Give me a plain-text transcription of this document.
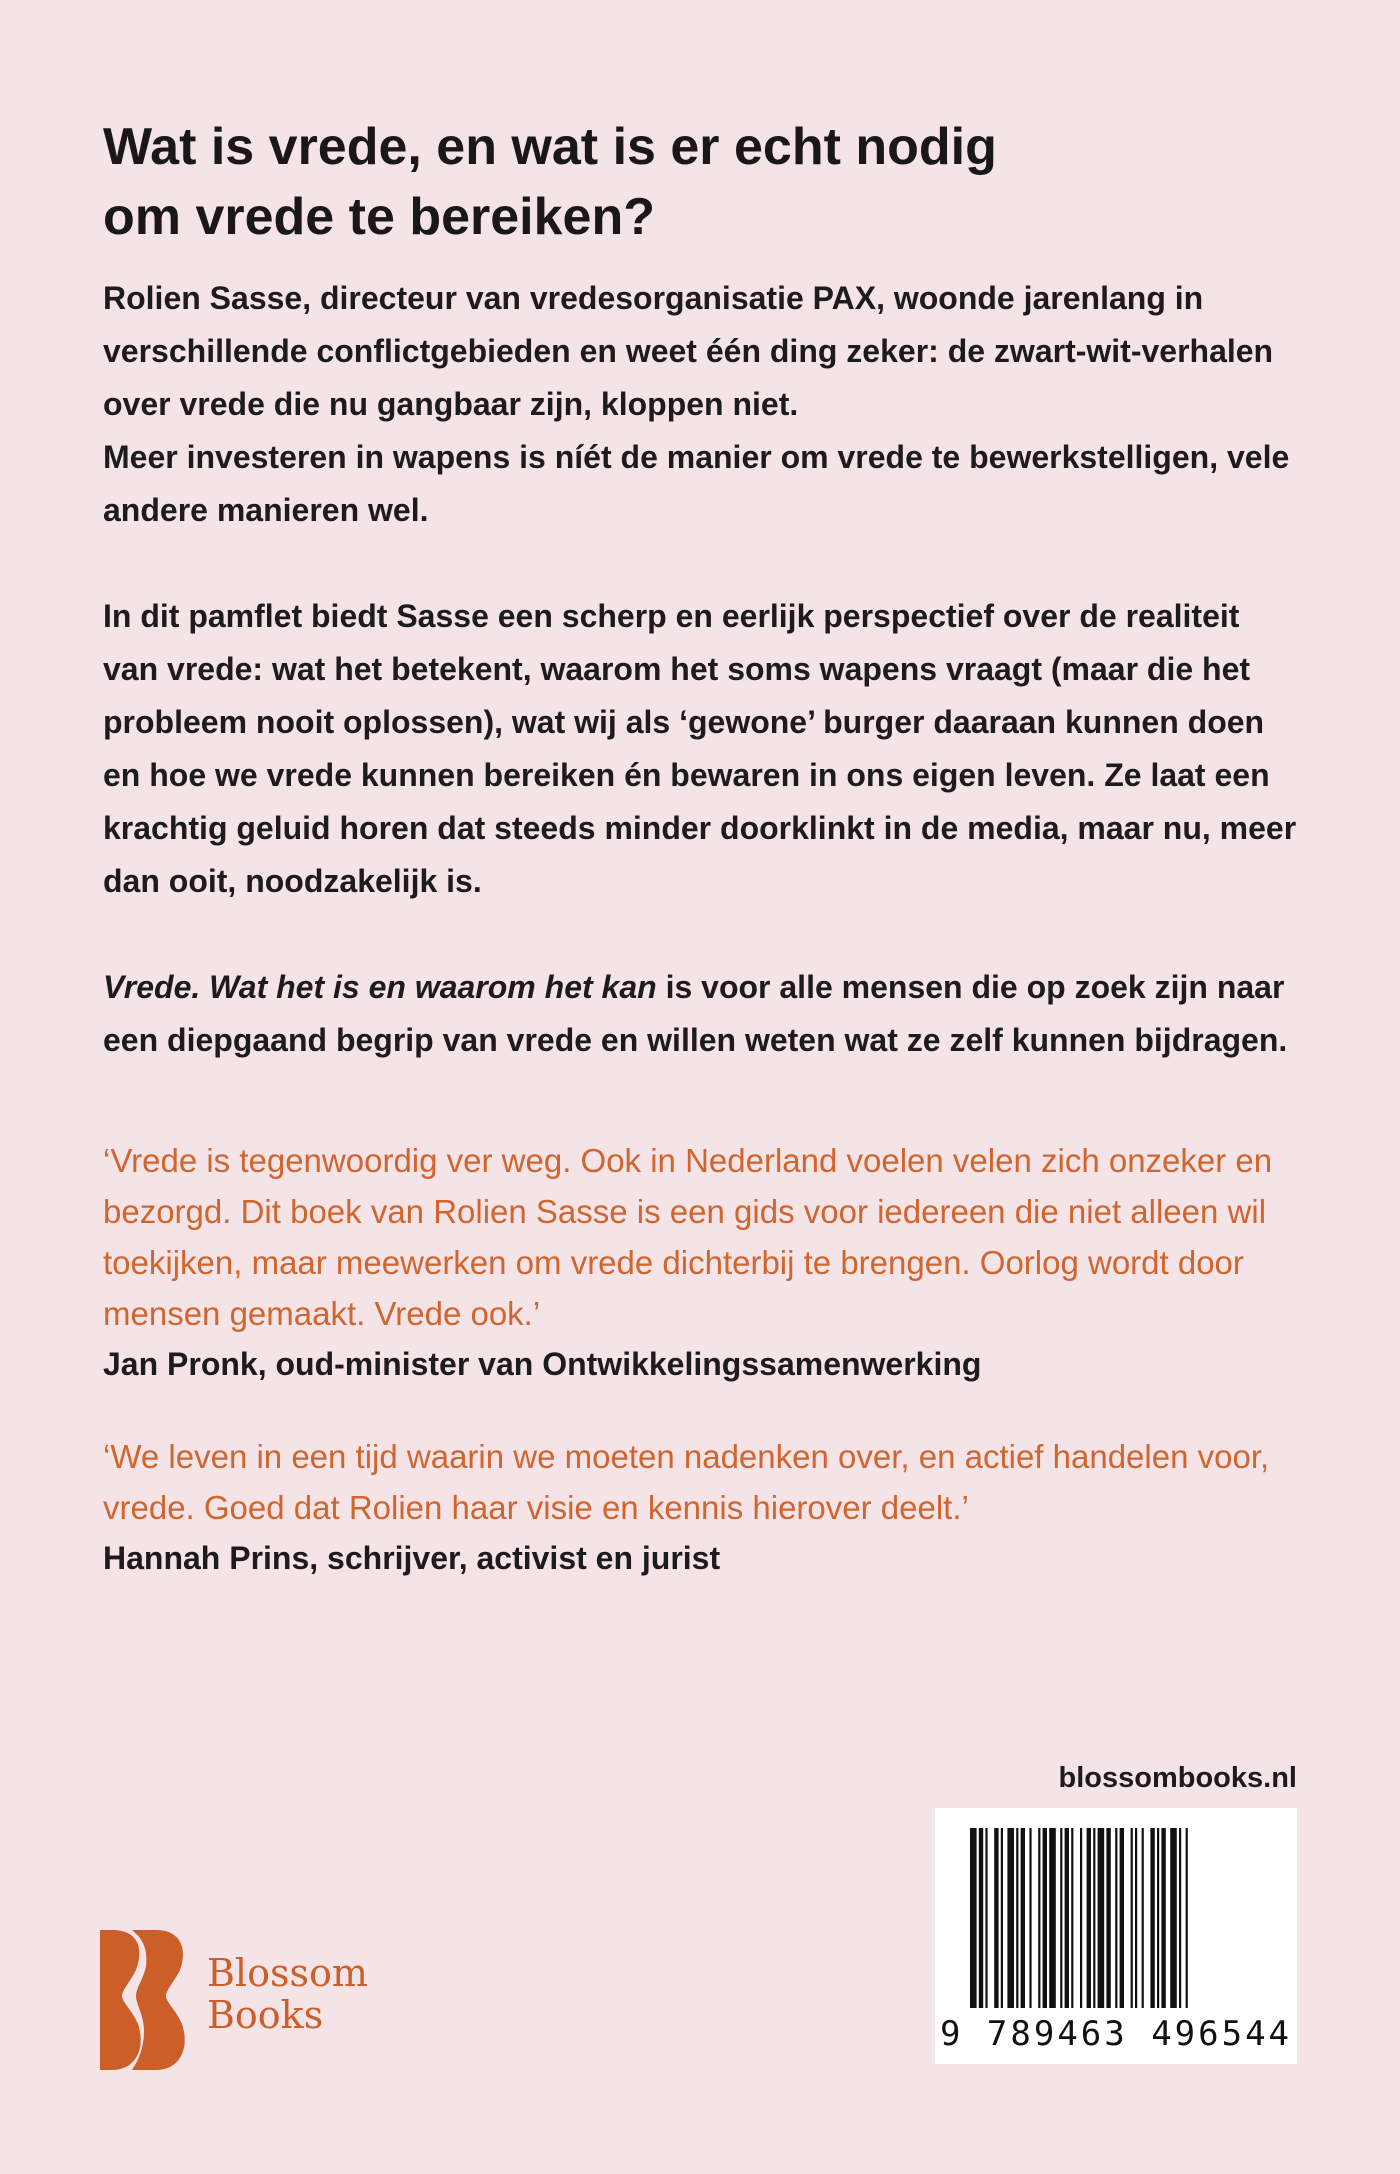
Wat is vrede, en wat is er echt nodig
om vrede te bereiken?

Rolien Sasse, directeur van vredesorganisatie PAX, woonde jarenlang in verschillende conflictgebieden en weet één ding zeker: de zwart-wit-verhalen over vrede die nu gangbaar zijn, kloppen niet.

Meer investeren in wapens is níét de manier om vrede te bewerkstelligen, vele andere manieren wel.

In dit pamflet biedt Sasse een scherp en eerlijk perspectief over de realiteit van vrede: wat het betekent, waarom het soms wapens vraagt (maar die het probleem nooit oplossen), wat wij als ‘gewone’ burger daaraan kunnen doen en hoe we vrede kunnen bereiken én bewaren in ons eigen leven. Ze laat een krachtig geluid horen dat steeds minder doorklinkt in de media, maar nu, meer dan ooit, noodzakelijk is.

Vrede. Wat het is en waarom het kan is voor alle mensen die op zoek zijn naar een diepgaand begrip van vrede en willen weten wat ze zelf kunnen bijdragen.

‘Vrede is tegenwoordig ver weg. Ook in Nederland voelen velen zich onzeker en bezorgd. Dit boek van Rolien Sasse is een gids voor iedereen die niet alleen wil toekijken, maar meewerken om vrede dichterbij te brengen. Oorlog wordt door mensen gemaakt. Vrede ook.’

Jan Pronk, oud-minister van Ontwikkelingssamenwerking

‘We leven in een tijd waarin we moeten nadenken over, en actief handelen voor, vrede. Goed dat Rolien haar visie en kennis hierover deelt.’

Hannah Prins, schrijver, activist en jurist

blossombooks.nl

9 789463 496544
Blossom
Books
